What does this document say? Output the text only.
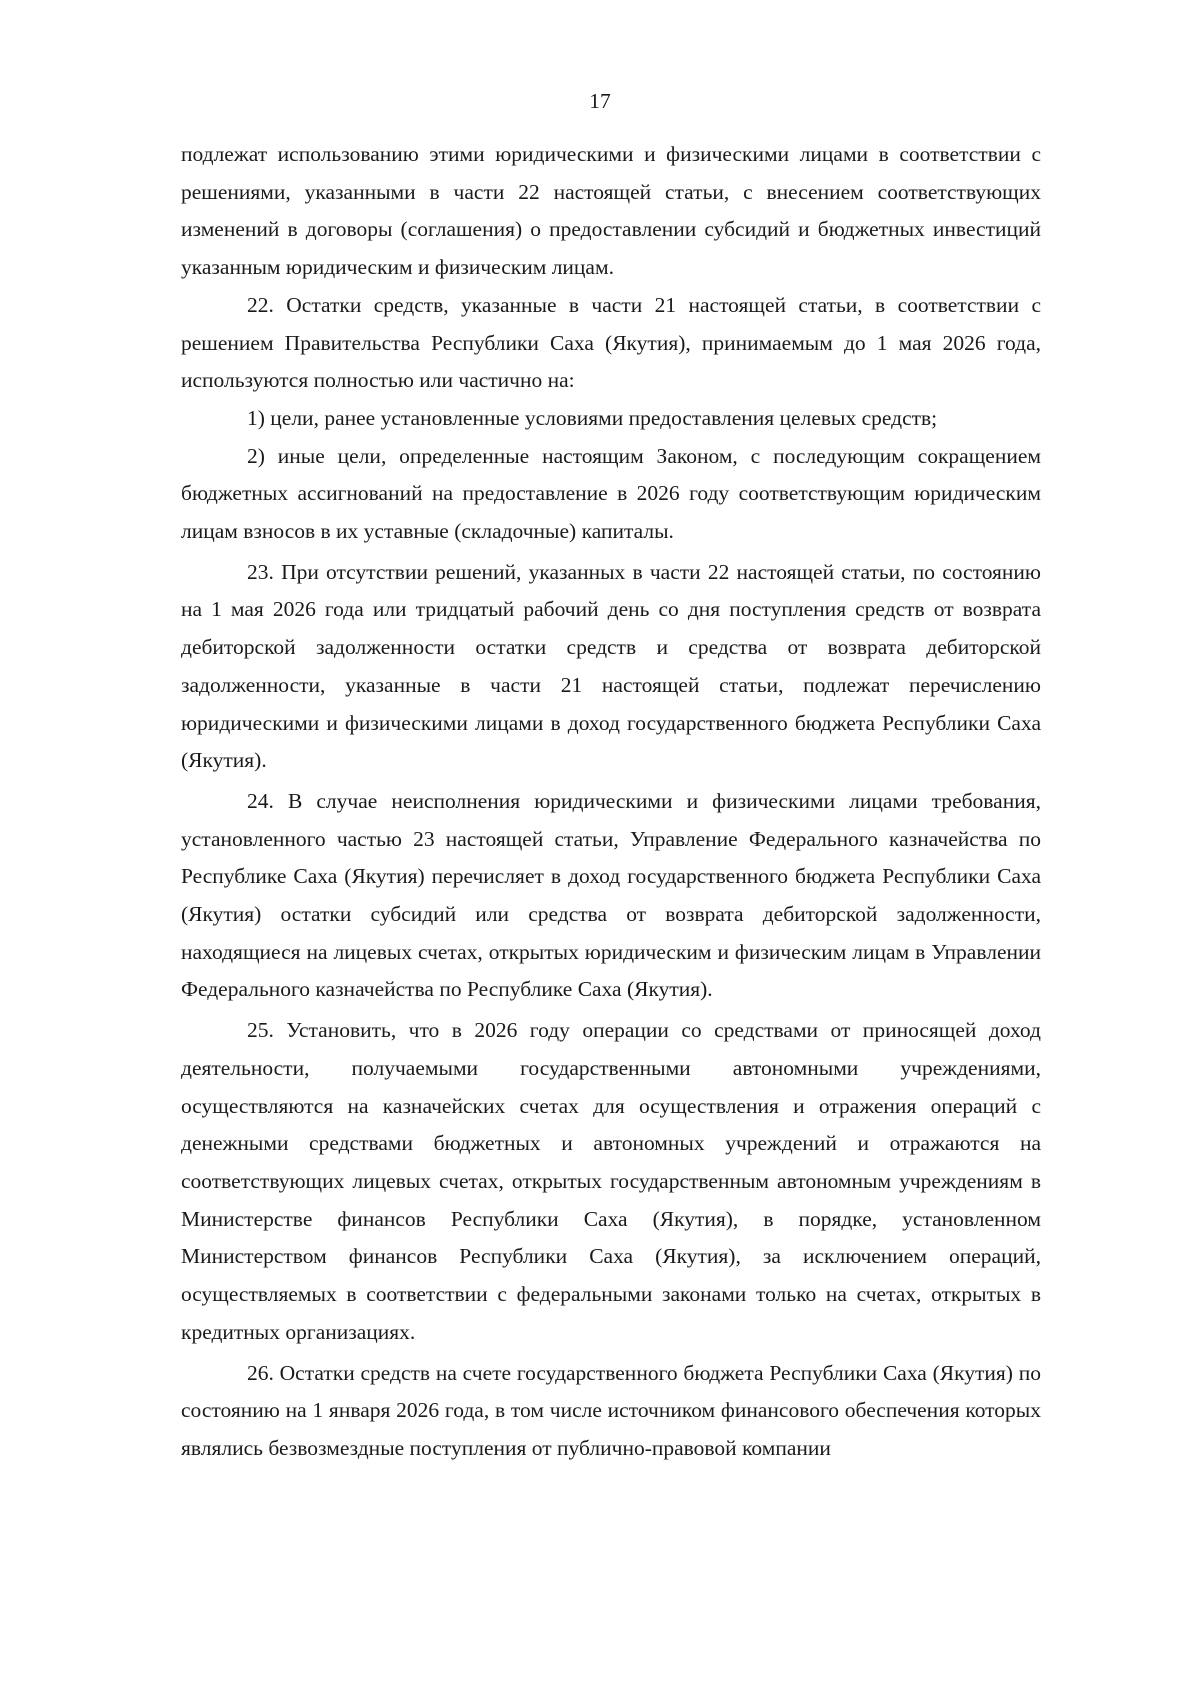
17

подлежат использованию этими юридическими и физическими лицами в соответствии с решениями, указанными в части 22 настоящей статьи, с внесением соответствующих изменений в договоры (соглашения) о предоставлении субсидий и бюджетных инвестиций указанным юридическим и физическим лицам.

22. Остатки средств, указанные в части 21 настоящей статьи, в соответствии с решением Правительства Республики Саха (Якутия), принимаемым до 1 мая 2026 года, используются полностью или частично на:

1) цели, ранее установленные условиями предоставления целевых средств;

2) иные цели, определенные настоящим Законом, с последующим сокращением бюджетных ассигнований на предоставление в 2026 году соответствующим юридическим лицам взносов в их уставные (складочные) капиталы.

23. При отсутствии решений, указанных в части 22 настоящей статьи, по состоянию на 1 мая 2026 года или тридцатый рабочий день со дня поступления средств от возврата дебиторской задолженности остатки средств и средства от возврата дебиторской задолженности, указанные в части 21 настоящей статьи, подлежат перечислению юридическими и физическими лицами в доход государственного бюджета Республики Саха (Якутия).

24. В случае неисполнения юридическими и физическими лицами требования, установленного частью 23 настоящей статьи, Управление Федерального казначейства по Республике Саха (Якутия) перечисляет в доход государственного бюджета Республики Саха (Якутия) остатки субсидий или средства от возврата дебиторской задолженности, находящиеся на лицевых счетах, открытых юридическим и физическим лицам в Управлении Федерального казначейства по Республике Саха (Якутия).

25. Установить, что в 2026 году операции со средствами от приносящей доход деятельности, получаемыми государственными автономными учреждениями, осуществляются на казначейских счетах для осуществления и отражения операций с денежными средствами бюджетных и автономных учреждений и отражаются на соответствующих лицевых счетах, открытых государственным автономным учреждениям в Министерстве финансов Республики Саха (Якутия), в порядке, установленном Министерством финансов Республики Саха (Якутия), за исключением операций, осуществляемых в соответствии с федеральными законами только на счетах, открытых в кредитных организациях.

26. Остатки средств на счете государственного бюджета Республики Саха (Якутия) по состоянию на 1 января 2026 года, в том числе источником финансового обеспечения которых являлись безвозмездные поступления от публично-правовой компании
